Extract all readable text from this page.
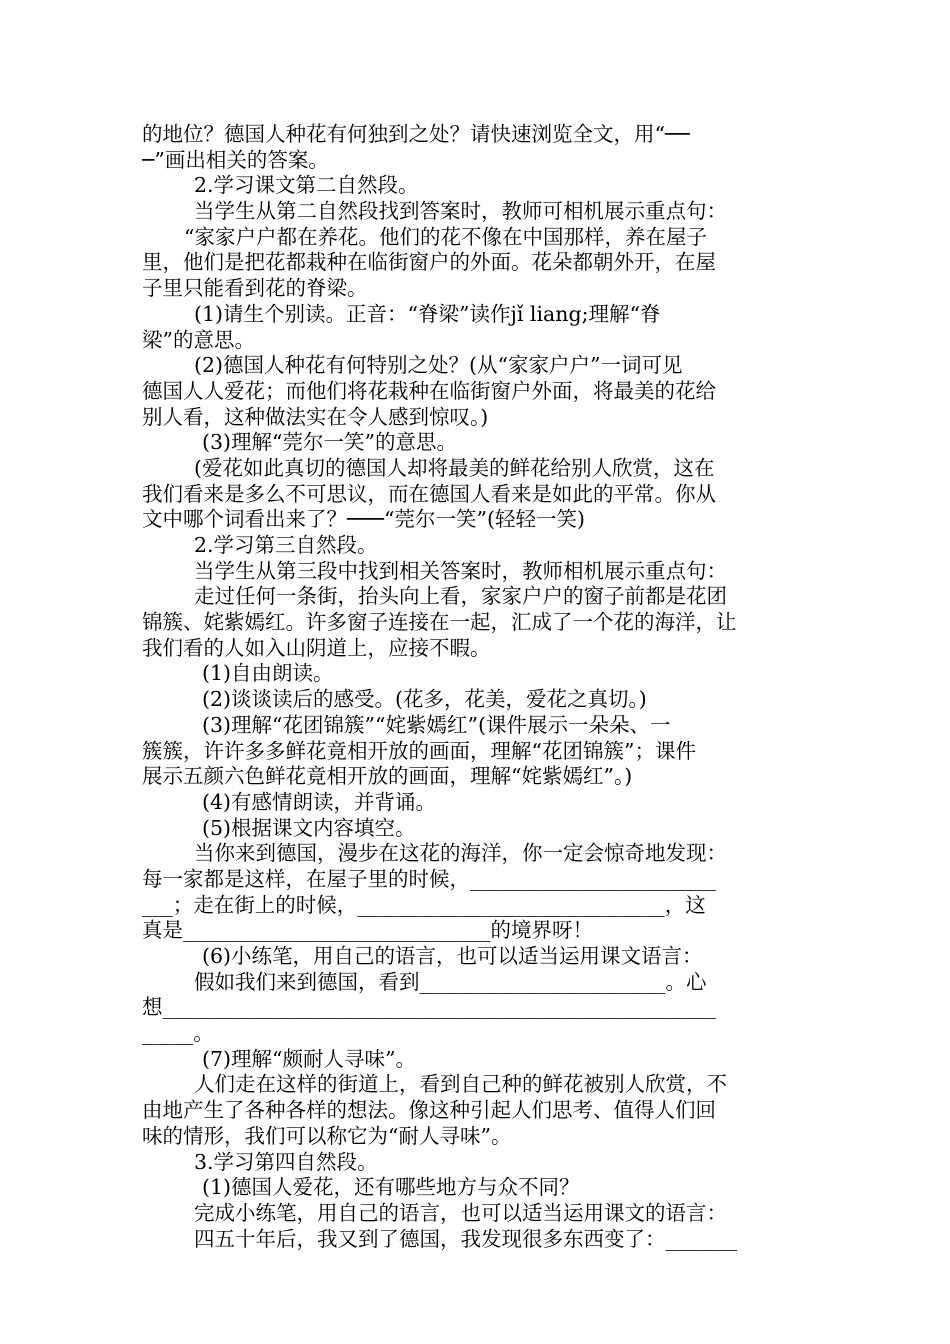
的地位？德国人种花有何独到之处？请快速浏览全文，用“──
─”画出相关的答案。
2.学习课文第二自然段。
当学生从第二自然段找到答案时，教师可相机展示重点句：
“家家户户都在养花。他们的花不像在中国那样，养在屋子
里，他们是把花都栽种在临街窗户的外面。花朵都朝外开，在屋
子里只能看到花的脊梁。
(1)请生个别读。正音：“脊梁”读作jǐ liang;理解“脊
梁”的意思。
(2)德国人种花有何特别之处？(从“家家户户”一词可见
德国人人爱花；而他们将花栽种在临街窗户外面，将最美的花给
别人看，这种做法实在令人感到惊叹。)
(3)理解“莞尔一笑”的意思。
(爱花如此真切的德国人却将最美的鲜花给别人欣赏，这在
我们看来是多么不可思议，而在德国人看来是如此的平常。你从
文中哪个词看出来了？───“莞尔一笑”(轻轻一笑)
2.学习第三自然段。
当学生从第三段中找到相关答案时，教师相机展示重点句：
走过任何一条街，抬头向上看，家家户户的窗子前都是花团
锦簇、姹紫嫣红。许多窗子连接在一起，汇成了一个花的海洋，让
我们看的人如入山阴道上，应接不暇。
(1)自由朗读。
(2)谈谈读后的感受。(花多，花美，爱花之真切。)
(3)理解“花团锦簇”“姹紫嫣红”(课件展示一朵朵、一
簇簇，许许多多鲜花竟相开放的画面，理解“花团锦簇”；课件
展示五颜六色鲜花竟相开放的画面，理解“姹紫嫣红”。)
(4)有感情朗读，并背诵。
(5)根据课文内容填空。
当你来到德国，漫步在这花的海洋，你一定会惊奇地发现：
每一家都是这样，在屋子里的时候，________________________
___；走在街上的时候，______________________________，这
真是______________________________的境界呀！
(6)小练笔，用自己的语言，也可以适当运用课文语言：
假如我们来到德国，看到________________________。心
想______________________________________________________
_____。
(7)理解“颇耐人寻味”。
人们走在这样的街道上，看到自己种的鲜花被别人欣赏，不
由地产生了各种各样的想法。像这种引起人们思考、值得人们回
味的情形，我们可以称它为“耐人寻味”。
3.学习第四自然段。
(1)德国人爱花，还有哪些地方与众不同？
完成小练笔，用自己的语言，也可以适当运用课文的语言：
四五十年后，我又到了德国，我发现很多东西变了：_______
